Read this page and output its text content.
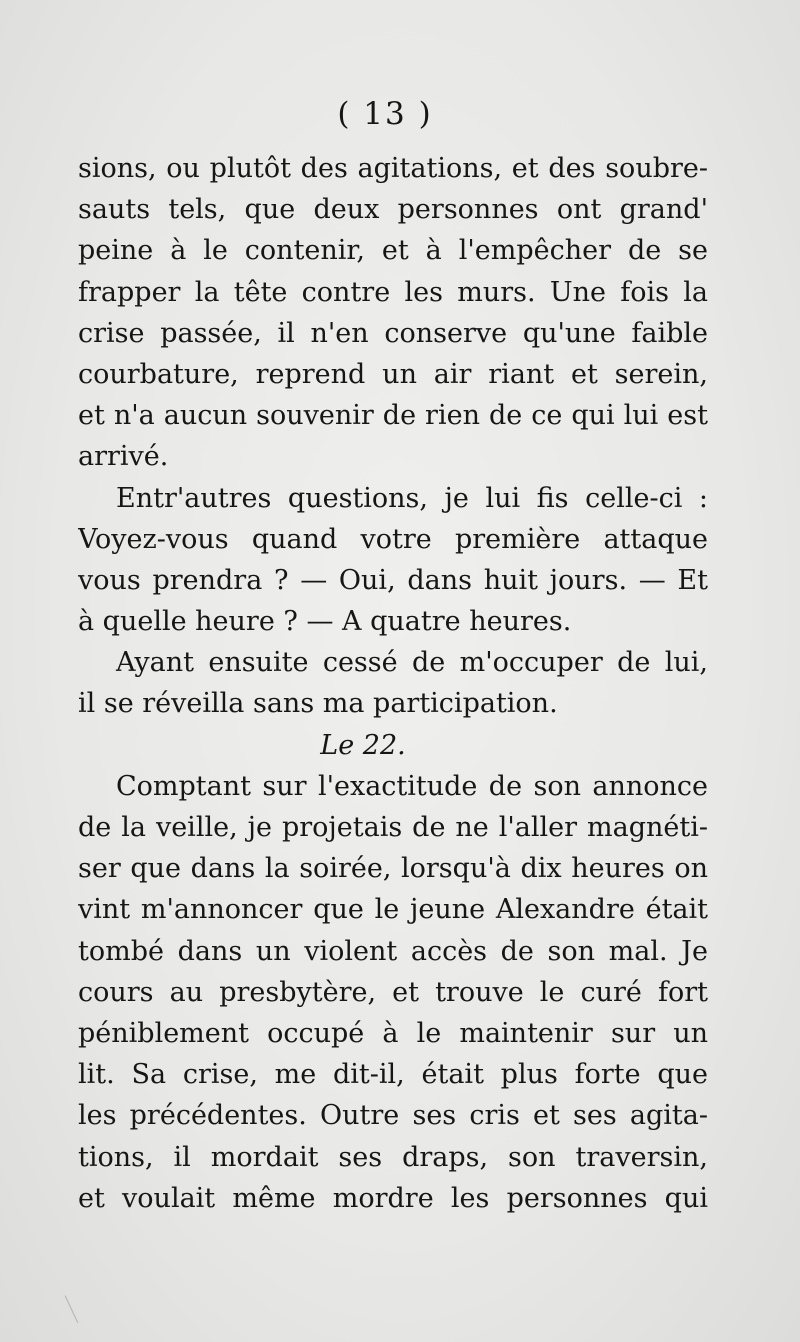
( 13 )
sions, ou plutôt des agitations, et des soubre-
sauts tels, que deux personnes ont grand'
peine à le contenir, et à l'empêcher de se
frapper la tête contre les murs. Une fois la
crise passée, il n'en conserve qu'une faible
courbature, reprend un air riant et serein,
et n'a aucun souvenir de rien de ce qui lui est
arrivé.
Entr'autres questions, je lui fis celle-ci :
Voyez-vous quand votre première attaque
vous prendra ? — Oui, dans huit jours. — Et
à quelle heure ? — A quatre heures.
Ayant ensuite cessé de m'occuper de lui,
il se réveilla sans ma participation.
Le 22.
Comptant sur l'exactitude de son annonce
de la veille, je projetais de ne l'aller magnéti-
ser que dans la soirée, lorsqu'à dix heures on
vint m'annoncer que le jeune Alexandre était
tombé dans un violent accès de son mal. Je
cours au presbytère, et trouve le curé fort
péniblement occupé à le maintenir sur un
lit. Sa crise, me dit-il, était plus forte que
les précédentes. Outre ses cris et ses agita-
tions, il mordait ses draps, son traversin,
et voulait même mordre les personnes qui
